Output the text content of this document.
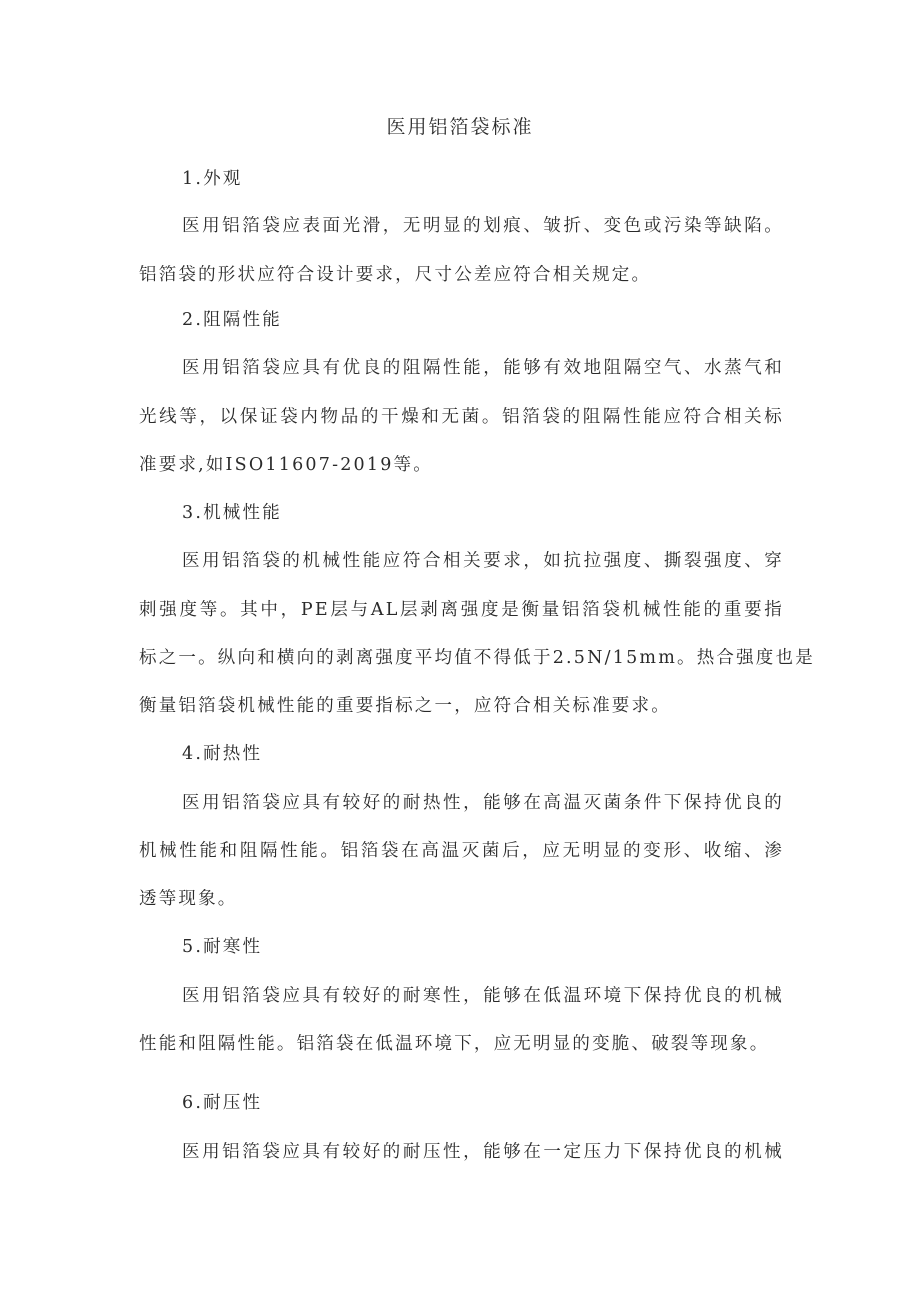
医用铝箔袋标准
1.外观
医用铝箔袋应表面光滑，无明显的划痕、皱折、变色或污染等缺陷。
铝箔袋的形状应符合设计要求，尺寸公差应符合相关规定。
2.阻隔性能
医用铝箔袋应具有优良的阻隔性能，能够有效地阻隔空气、水蒸气和
光线等，以保证袋内物品的干燥和无菌。铝箔袋的阻隔性能应符合相关标
准要求,如ISO11607-2019等。
3.机械性能
医用铝箔袋的机械性能应符合相关要求，如抗拉强度、撕裂强度、穿
刺强度等。其中，PE层与AL层剥离强度是衡量铝箔袋机械性能的重要指
标之一。纵向和横向的剥离强度平均值不得低于2.5N/15mm。热合强度也是
衡量铝箔袋机械性能的重要指标之一，应符合相关标准要求。
4.耐热性
医用铝箔袋应具有较好的耐热性，能够在高温灭菌条件下保持优良的
机械性能和阻隔性能。铝箔袋在高温灭菌后，应无明显的变形、收缩、渗
透等现象。
5.耐寒性
医用铝箔袋应具有较好的耐寒性，能够在低温环境下保持优良的机械
性能和阻隔性能。铝箔袋在低温环境下，应无明显的变脆、破裂等现象。
6.耐压性
医用铝箔袋应具有较好的耐压性，能够在一定压力下保持优良的机械
